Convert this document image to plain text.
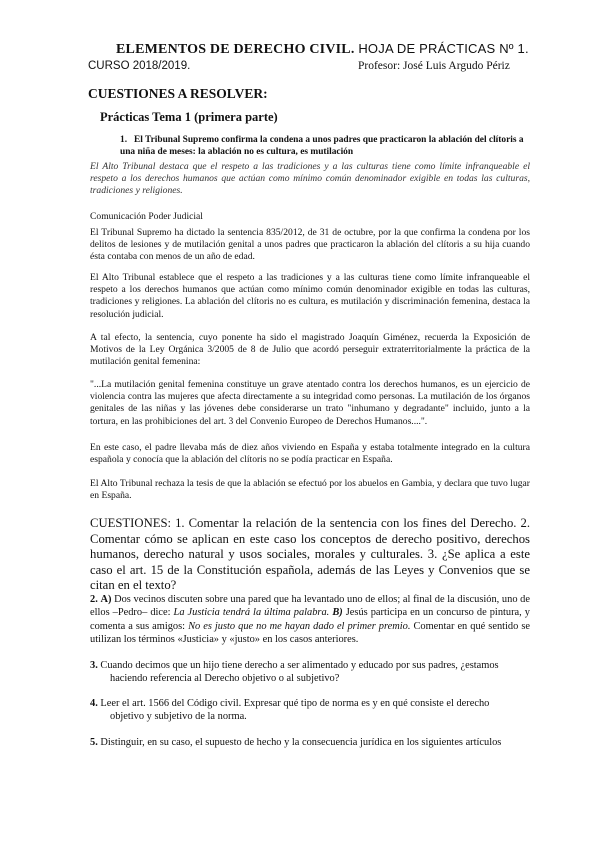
ELEMENTOS DE DERECHO CIVIL. HOJA DE PRÁCTICAS Nº 1.
CURSO 2018/2019.	Profesor: José Luis Argudo Périz
CUESTIONES A RESOLVER:
Prácticas Tema 1 (primera parte)
1. El Tribunal Supremo confirma la condena a unos padres que practicaron la ablación del clítoris a
una niña de meses: la ablación no es cultura, es mutilación
El Alto Tribunal destaca que el respeto a las tradiciones y a las culturas tiene como límite infranqueable el respeto a los derechos humanos que actúan como mínimo común denominador exigible en todas las culturas, tradiciones y religiones.
Comunicación Poder Judicial
El Tribunal Supremo ha dictado la sentencia 835/2012, de 31 de octubre, por la que confirma la condena por los delitos de lesiones y de mutilación genital a unos padres que practicaron la ablación del clítoris a su hija cuando ésta contaba con menos de un año de edad.
El Alto Tribunal establece que el respeto a las tradiciones y a las culturas tiene como límite infranqueable el respeto a los derechos humanos que actúan como mínimo común denominador exigible en todas las culturas, tradiciones y religiones. La ablación del clítoris no es cultura, es mutilación y discriminación femenina, destaca la resolución judicial.
A tal efecto, la sentencia, cuyo ponente ha sido el magistrado Joaquín Giménez, recuerda la Exposición de Motivos de la Ley Orgánica 3/2005 de 8 de Julio que acordó perseguir extraterritorialmente la práctica de la mutilación genital femenina:
"...La mutilación genital femenina constituye un grave atentado contra los derechos humanos, es un ejercicio de violencia contra las mujeres que afecta directamente a su integridad como personas. La mutilación de los órganos genitales de las niñas y las jóvenes debe considerarse un trato "inhumano y degradante" incluido, junto a la tortura, en las prohibiciones del art. 3 del Convenio Europeo de Derechos Humanos....".
En este caso, el padre llevaba más de diez años viviendo en España y estaba totalmente integrado en la cultura española y conocía que la ablación del clítoris no se podía practicar en España.
El Alto Tribunal rechaza la tesis de que la ablación se efectuó por los abuelos en Gambia, y declara que tuvo lugar en España.
CUESTIONES: 1. Comentar la relación de la sentencia con los fines del Derecho. 2. Comentar cómo se aplican en este caso los conceptos de derecho positivo, derechos humanos, derecho natural y usos sociales, morales y culturales. 3. ¿Se aplica a este caso el art. 15 de la Constitución española, además de las Leyes y Convenios que se citan en el texto?
2. A) Dos vecinos discuten sobre una pared que ha levantado uno de ellos; al final de la discusión, uno de ellos –Pedro– dice: La Justicia tendrá la última palabra. B) Jesús participa en un concurso de pintura, y comenta a sus amigos: No es justo que no me hayan dado el primer premio. Comentar en qué sentido se utilizan los términos «Justicia» y «justo» en los casos anteriores.
3. Cuando decimos que un hijo tiene derecho a ser alimentado y educado por sus padres, ¿estamos
haciendo referencia al Derecho objetivo o al subjetivo?
4. Leer el art. 1566 del Código civil. Expresar qué tipo de norma es y en qué consiste el derecho
objetivo y subjetivo de la norma.
5. Distinguir, en su caso, el supuesto de hecho y la consecuencia jurídica en los siguientes artículos
